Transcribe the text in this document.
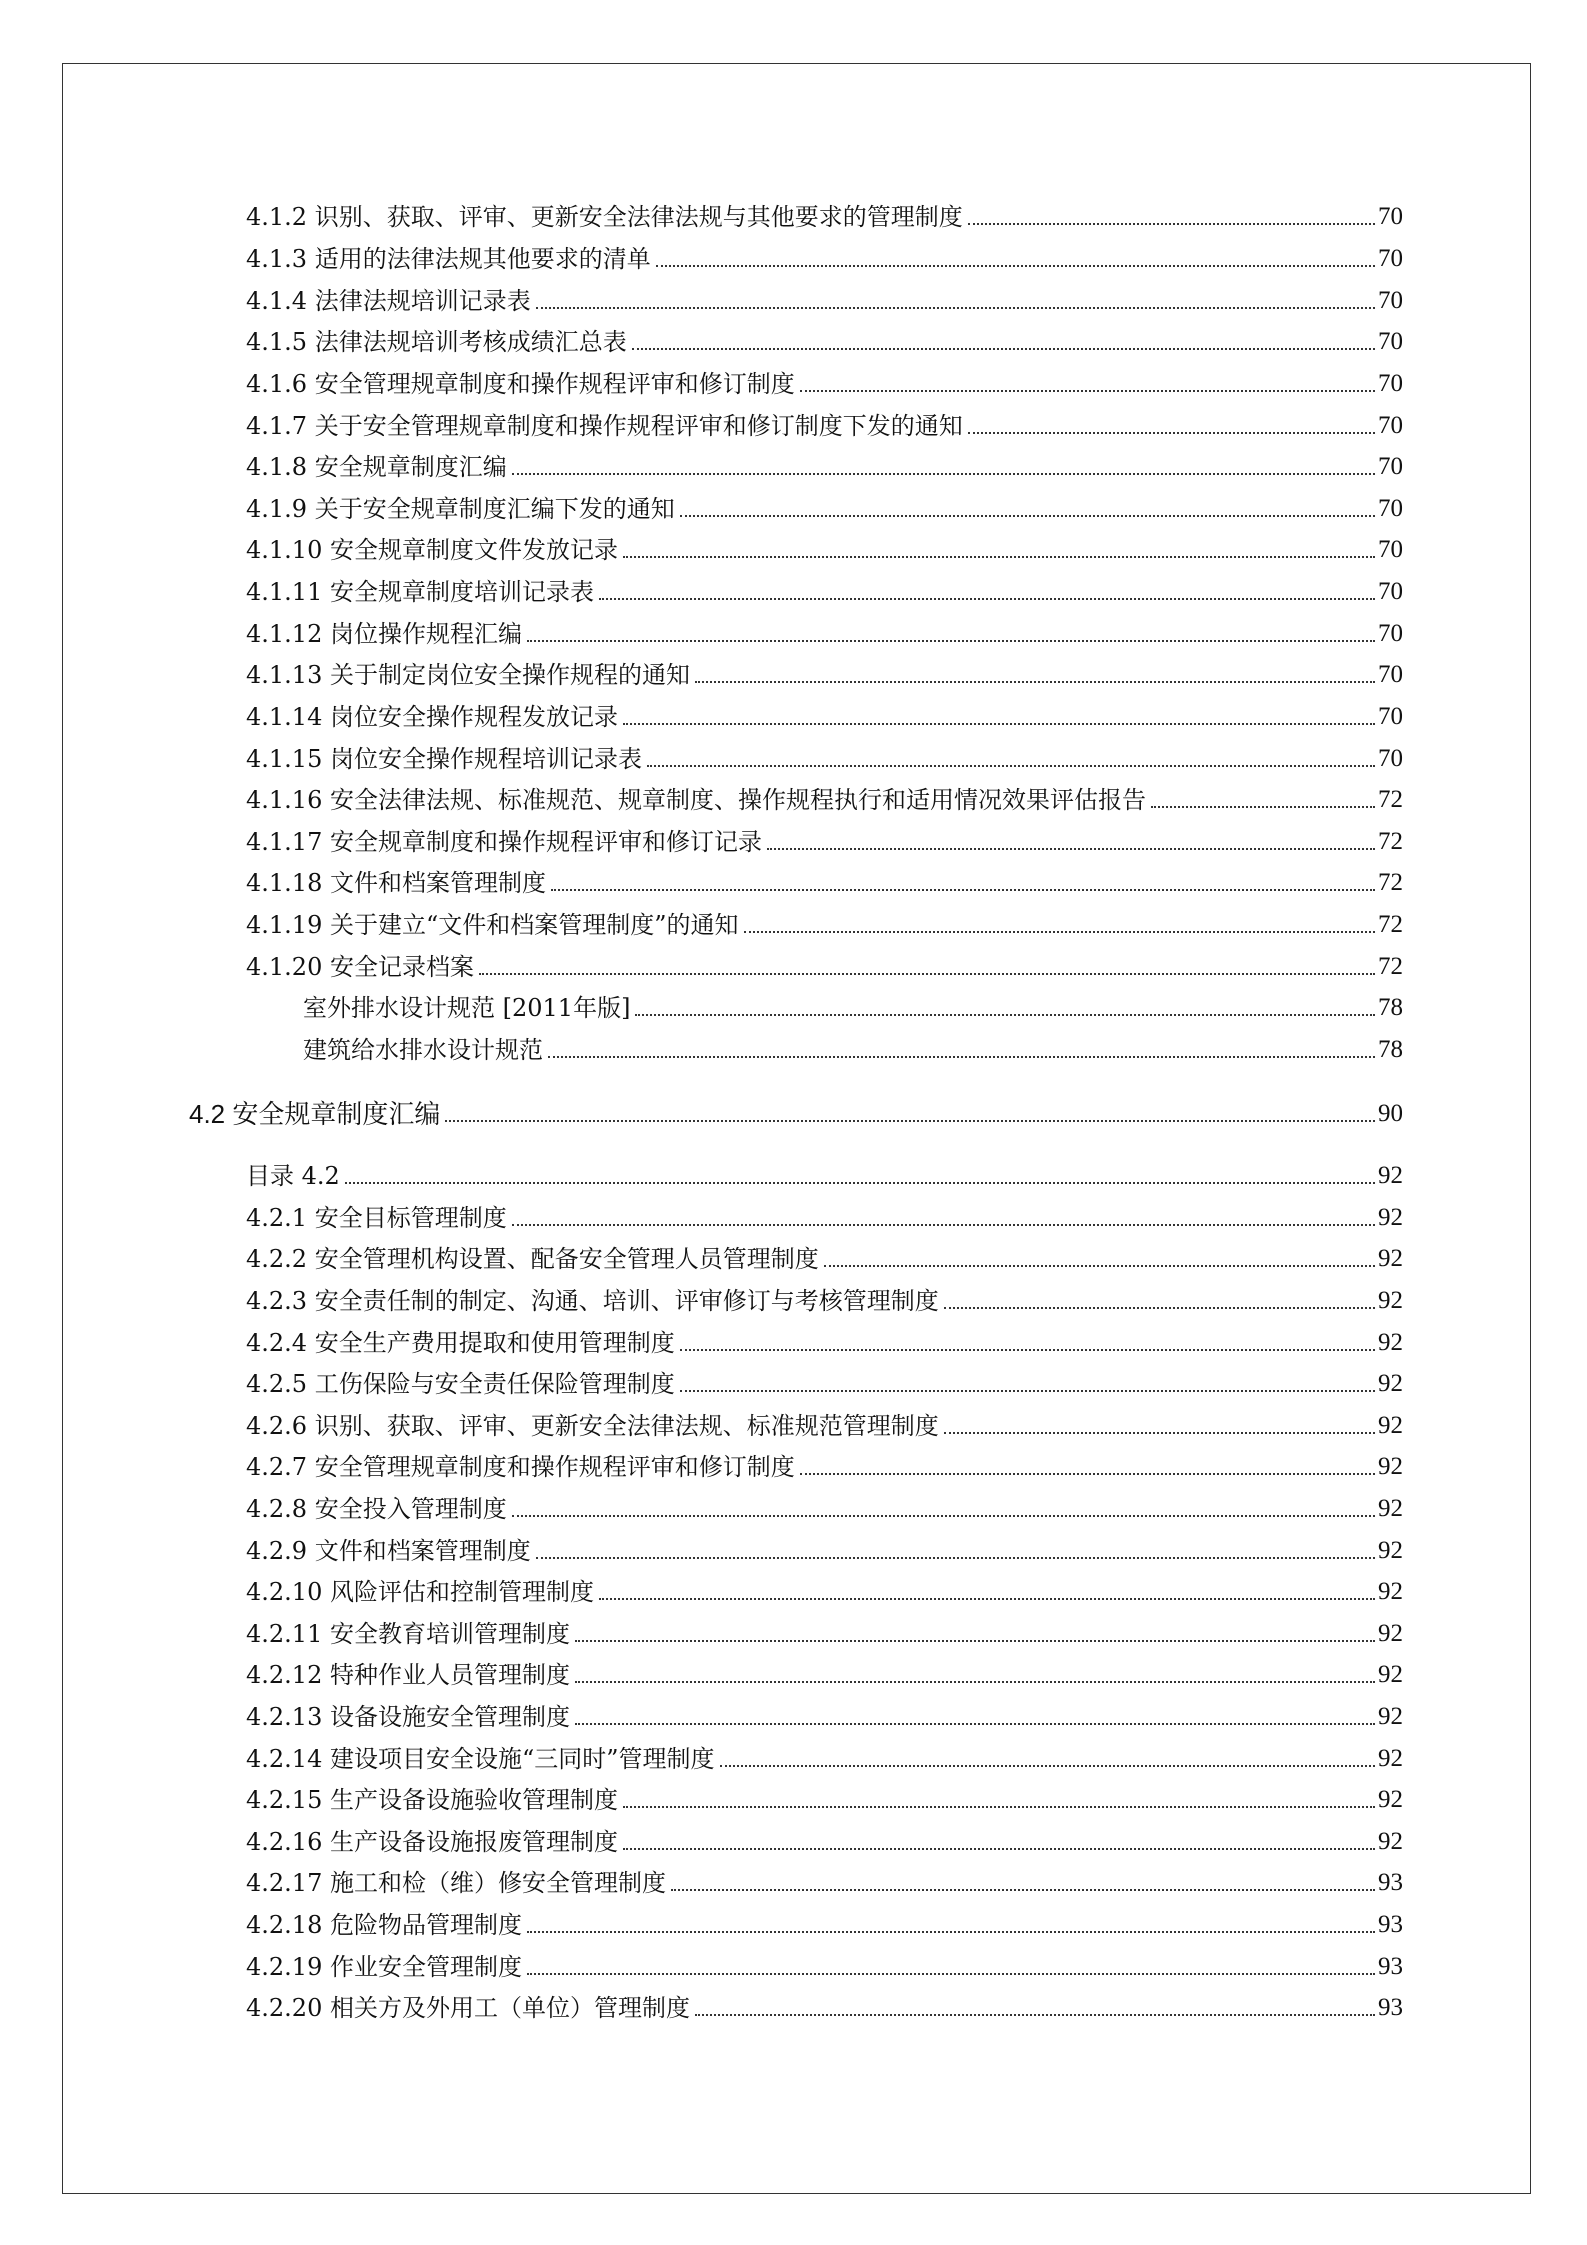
4.1.2 识别、获取、评审、更新安全法律法规与其他要求的管理制度	70
4.1.3 适用的法律法规其他要求的清单	70
4.1.4 法律法规培训记录表	70
4.1.5 法律法规培训考核成绩汇总表	70
4.1.6 安全管理规章制度和操作规程评审和修订制度	70
4.1.7 关于安全管理规章制度和操作规程评审和修订制度下发的通知	70
4.1.8 安全规章制度汇编	70
4.1.9 关于安全规章制度汇编下发的通知	70
4.1.10 安全规章制度文件发放记录	70
4.1.11 安全规章制度培训记录表	70
4.1.12 岗位操作规程汇编	70
4.1.13 关于制定岗位安全操作规程的通知	70
4.1.14 岗位安全操作规程发放记录	70
4.1.15 岗位安全操作规程培训记录表	70
4.1.16 安全法律法规、标准规范、规章制度、操作规程执行和适用情况效果评估报告	72
4.1.17 安全规章制度和操作规程评审和修订记录	72
4.1.18 文件和档案管理制度	72
4.1.19 关于建立“文件和档案管理制度”的通知	72
4.1.20 安全记录档案	72
室外排水设计规范 [2011年版]	78
建筑给水排水设计规范	78
4.2 安全规章制度汇编	90
目录 4.2	92
4.2.1 安全目标管理制度	92
4.2.2 安全管理机构设置、配备安全管理人员管理制度	92
4.2.3 安全责任制的制定、沟通、培训、评审修订与考核管理制度	92
4.2.4 安全生产费用提取和使用管理制度	92
4.2.5 工伤保险与安全责任保险管理制度	92
4.2.6 识别、获取、评审、更新安全法律法规、标准规范管理制度	92
4.2.7 安全管理规章制度和操作规程评审和修订制度	92
4.2.8 安全投入管理制度	92
4.2.9 文件和档案管理制度	92
4.2.10 风险评估和控制管理制度	92
4.2.11 安全教育培训管理制度	92
4.2.12 特种作业人员管理制度	92
4.2.13 设备设施安全管理制度	92
4.2.14 建设项目安全设施“三同时”管理制度	92
4.2.15 生产设备设施验收管理制度	92
4.2.16 生产设备设施报废管理制度	92
4.2.17 施工和检（维）修安全管理制度	93
4.2.18 危险物品管理制度	93
4.2.19 作业安全管理制度	93
4.2.20 相关方及外用工（单位）管理制度	93
